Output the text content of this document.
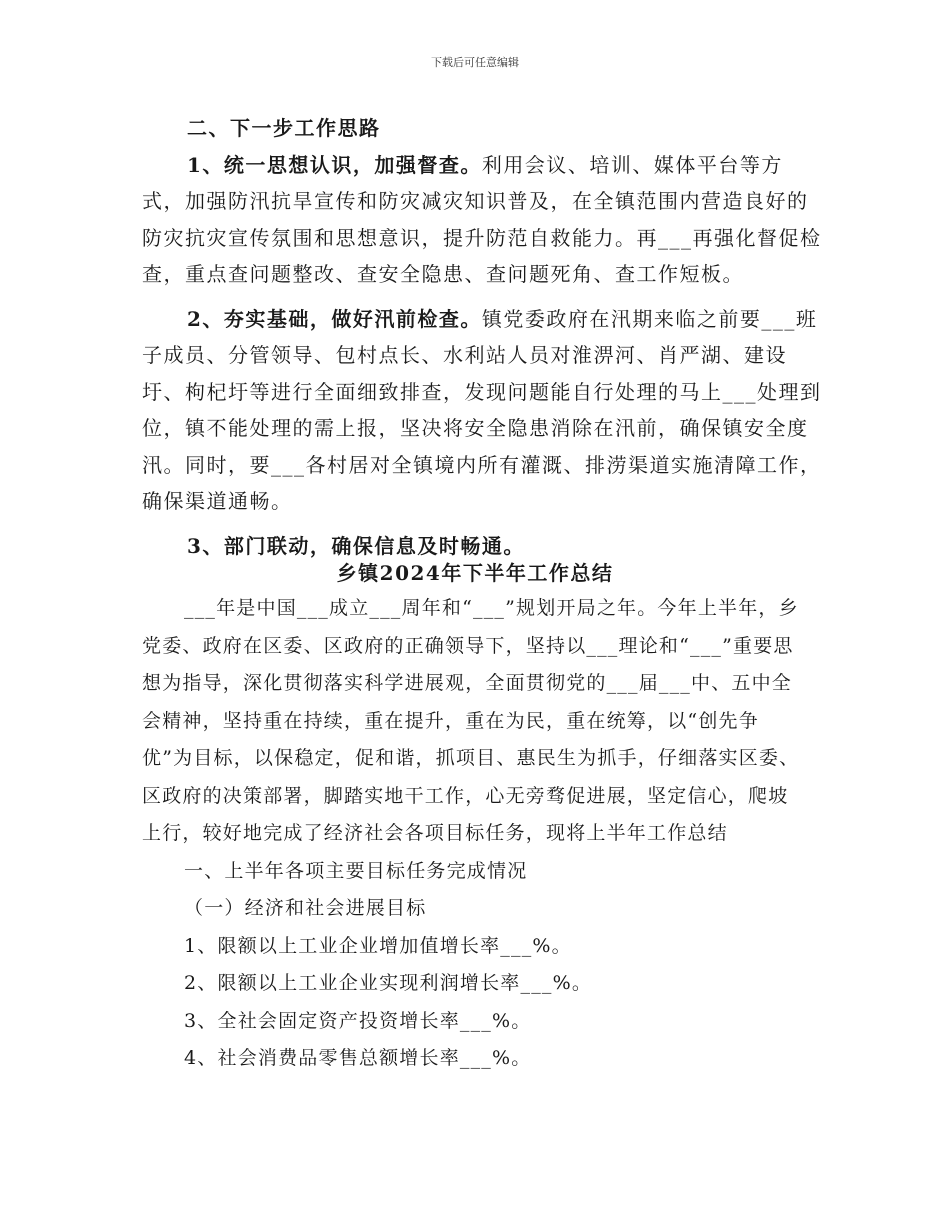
下载后可任意编辑

二、下一步工作思路

1、统一思想认识，加强督查。利用会议、培训、媒体平台等方式，加强防汛抗旱宣传和防灾减灾知识普及，在全镇范围内营造良好的防灾抗灾宣传氛围和思想意识，提升防范自救能力。再___再强化督促检查，重点查问题整改、查安全隐患、查问题死角、查工作短板。

2、夯实基础，做好汛前检查。镇党委政府在汛期来临之前要___班子成员、分管领导、包村点长、水利站人员对淮淠河、肖严湖、建设圩、枸杞圩等进行全面细致排查，发现问题能自行处理的马上___处理到位，镇不能处理的需上报，坚决将安全隐患消除在汛前，确保镇安全度汛。同时，要___各村居对全镇境内所有灌溉、排涝渠道实施清障工作，确保渠道通畅。

3、部门联动，确保信息及时畅通。

乡镇2024年下半年工作总结

___年是中国___成立___周年和“___”规划开局之年。今年上半年，乡党委、政府在区委、区政府的正确领导下，坚持以___理论和“___”重要思想为指导，深化贯彻落实科学进展观，全面贯彻党的___届___中、五中全会精神，坚持重在持续，重在提升，重在为民，重在统筹，以“创先争优”为目标，以保稳定，促和谐，抓项目、惠民生为抓手，仔细落实区委、区政府的决策部署，脚踏实地干工作，心无旁骛促进展，坚定信心，爬坡上行，较好地完成了经济社会各项目标任务，现将上半年工作总结

一、上半年各项主要目标任务完成情况

（一）经济和社会进展目标

1、限额以上工业企业增加值增长率___%。

2、限额以上工业企业实现利润增长率___%。

3、全社会固定资产投资增长率___%。

4、社会消费品零售总额增长率___%。
